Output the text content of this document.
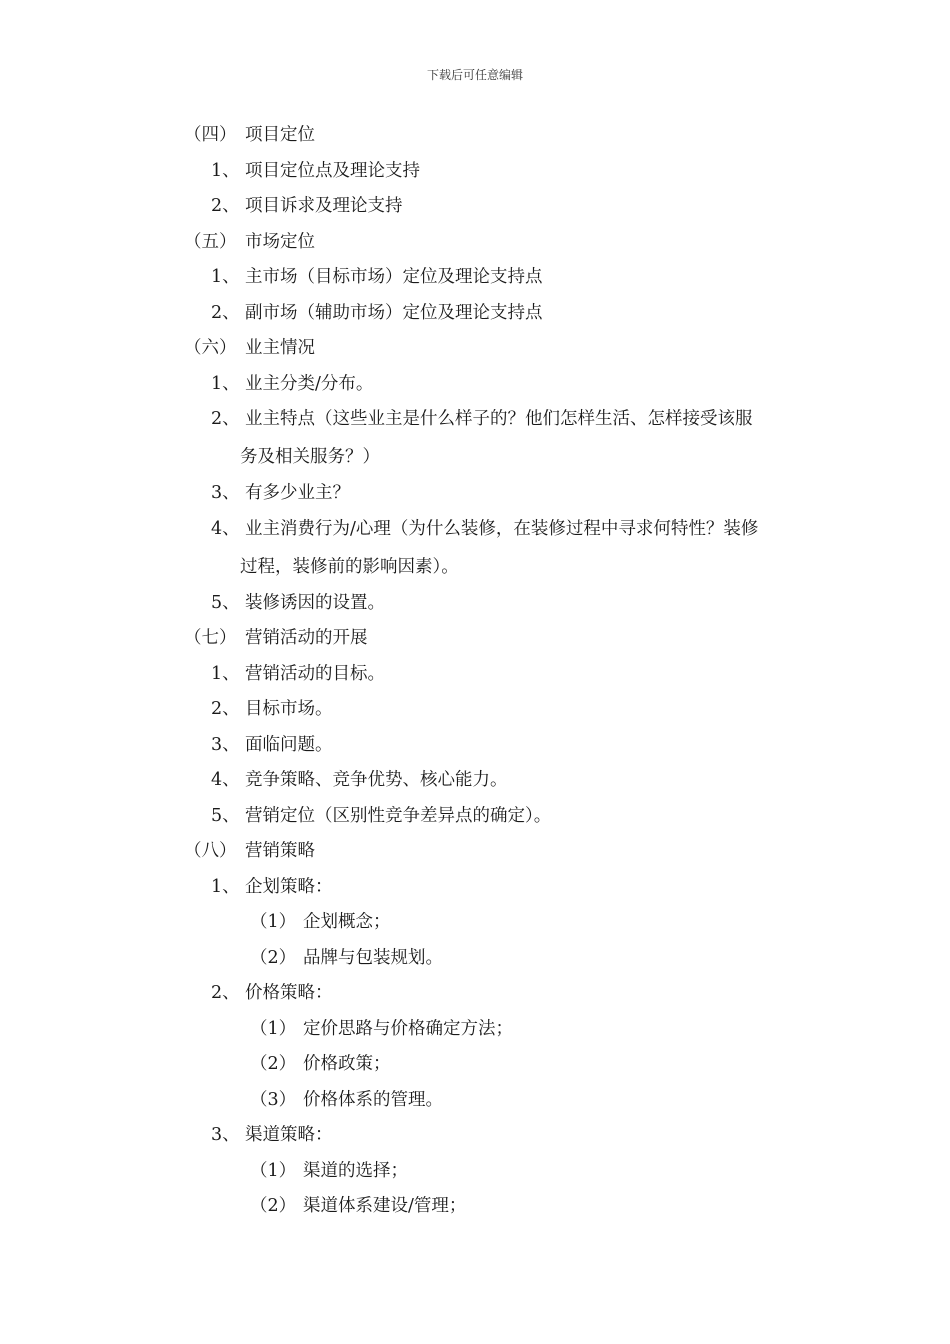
下载后可任意编辑
（四） 项目定位
1、 项目定位点及理论支持
2、 项目诉求及理论支持
（五） 市场定位
1、 主市场（目标市场）定位及理论支持点
2、 副市场（辅助市场）定位及理论支持点
（六） 业主情况
1、 业主分类/分布。
2、 业主特点（这些业主是什么样子的？他们怎样生活、怎样接受该服
务及相关服务？）
3、 有多少业主？
4、 业主消费行为/心理（为什么装修，在装修过程中寻求何特性？装修
过程，装修前的影响因素）。
5、 装修诱因的设置。
（七） 营销活动的开展
1、 营销活动的目标。
2、 目标市场。
3、 面临问题。
4、 竞争策略、竞争优势、核心能力。
5、 营销定位（区别性竞争差异点的确定）。
（八） 营销策略
1、 企划策略：
（1） 企划概念；
（2） 品牌与包装规划。
2、 价格策略：
（1） 定价思路与价格确定方法；
（2） 价格政策；
（3） 价格体系的管理。
3、 渠道策略：
（1） 渠道的选择；
（2） 渠道体系建设/管理；
